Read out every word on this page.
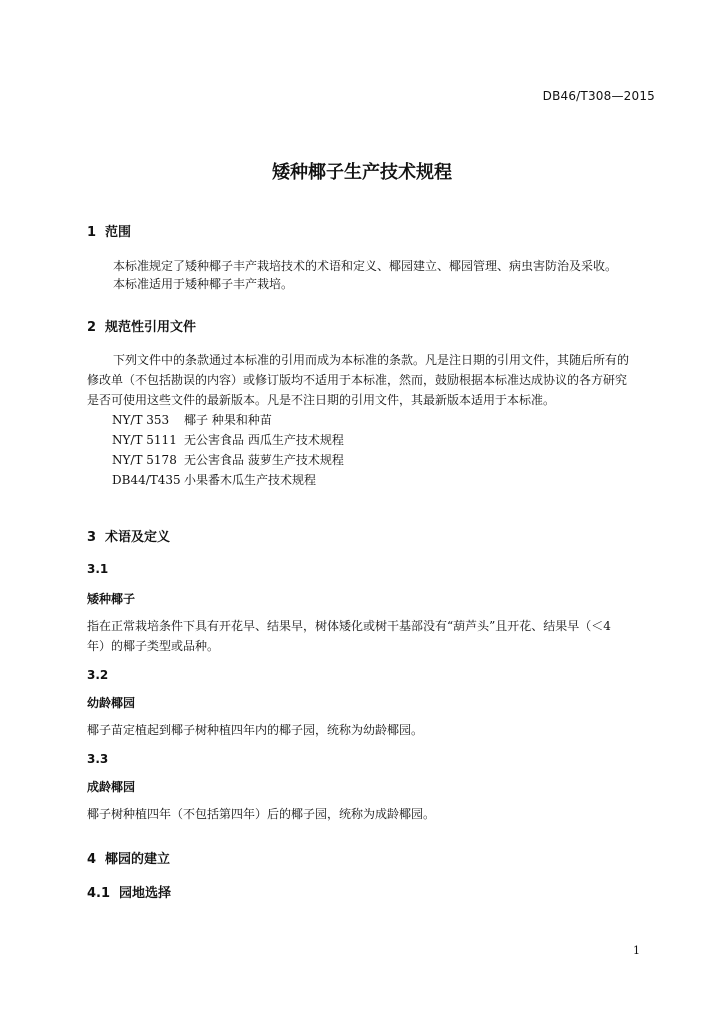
DB46/T308—2015
矮种椰子生产技术规程
1 范围
本标准规定了矮种椰子丰产栽培技术的术语和定义、椰园建立、椰园管理、病虫害防治及采收。
本标准适用于矮种椰子丰产栽培。
2 规范性引用文件
下列文件中的条款通过本标准的引用而成为本标准的条款。凡是注日期的引用文件，其随后所有的
修改单（不包括勘误的内容）或修订版均不适用于本标准，然而，鼓励根据本标准达成协议的各方研究
是否可使用这些文件的最新版本。凡是不注日期的引用文件，其最新版本适用于本标准。
NY/T 353 椰子 种果和种苗
NY/T 5111 无公害食品 西瓜生产技术规程
NY/T 5178 无公害食品 菠萝生产技术规程
DB44/T435 小果番木瓜生产技术规程
3 术语及定义
3.1
矮种椰子
指在正常栽培条件下具有开花早、结果早，树体矮化或树干基部没有“葫芦头”且开花、结果早（＜4
年）的椰子类型或品种。
3.2
幼龄椰园
椰子苗定植起到椰子树种植四年内的椰子园，统称为幼龄椰园。
3.3
成龄椰园
椰子树种植四年（不包括第四年）后的椰子园，统称为成龄椰园。
4 椰园的建立
4.1 园地选择
1
